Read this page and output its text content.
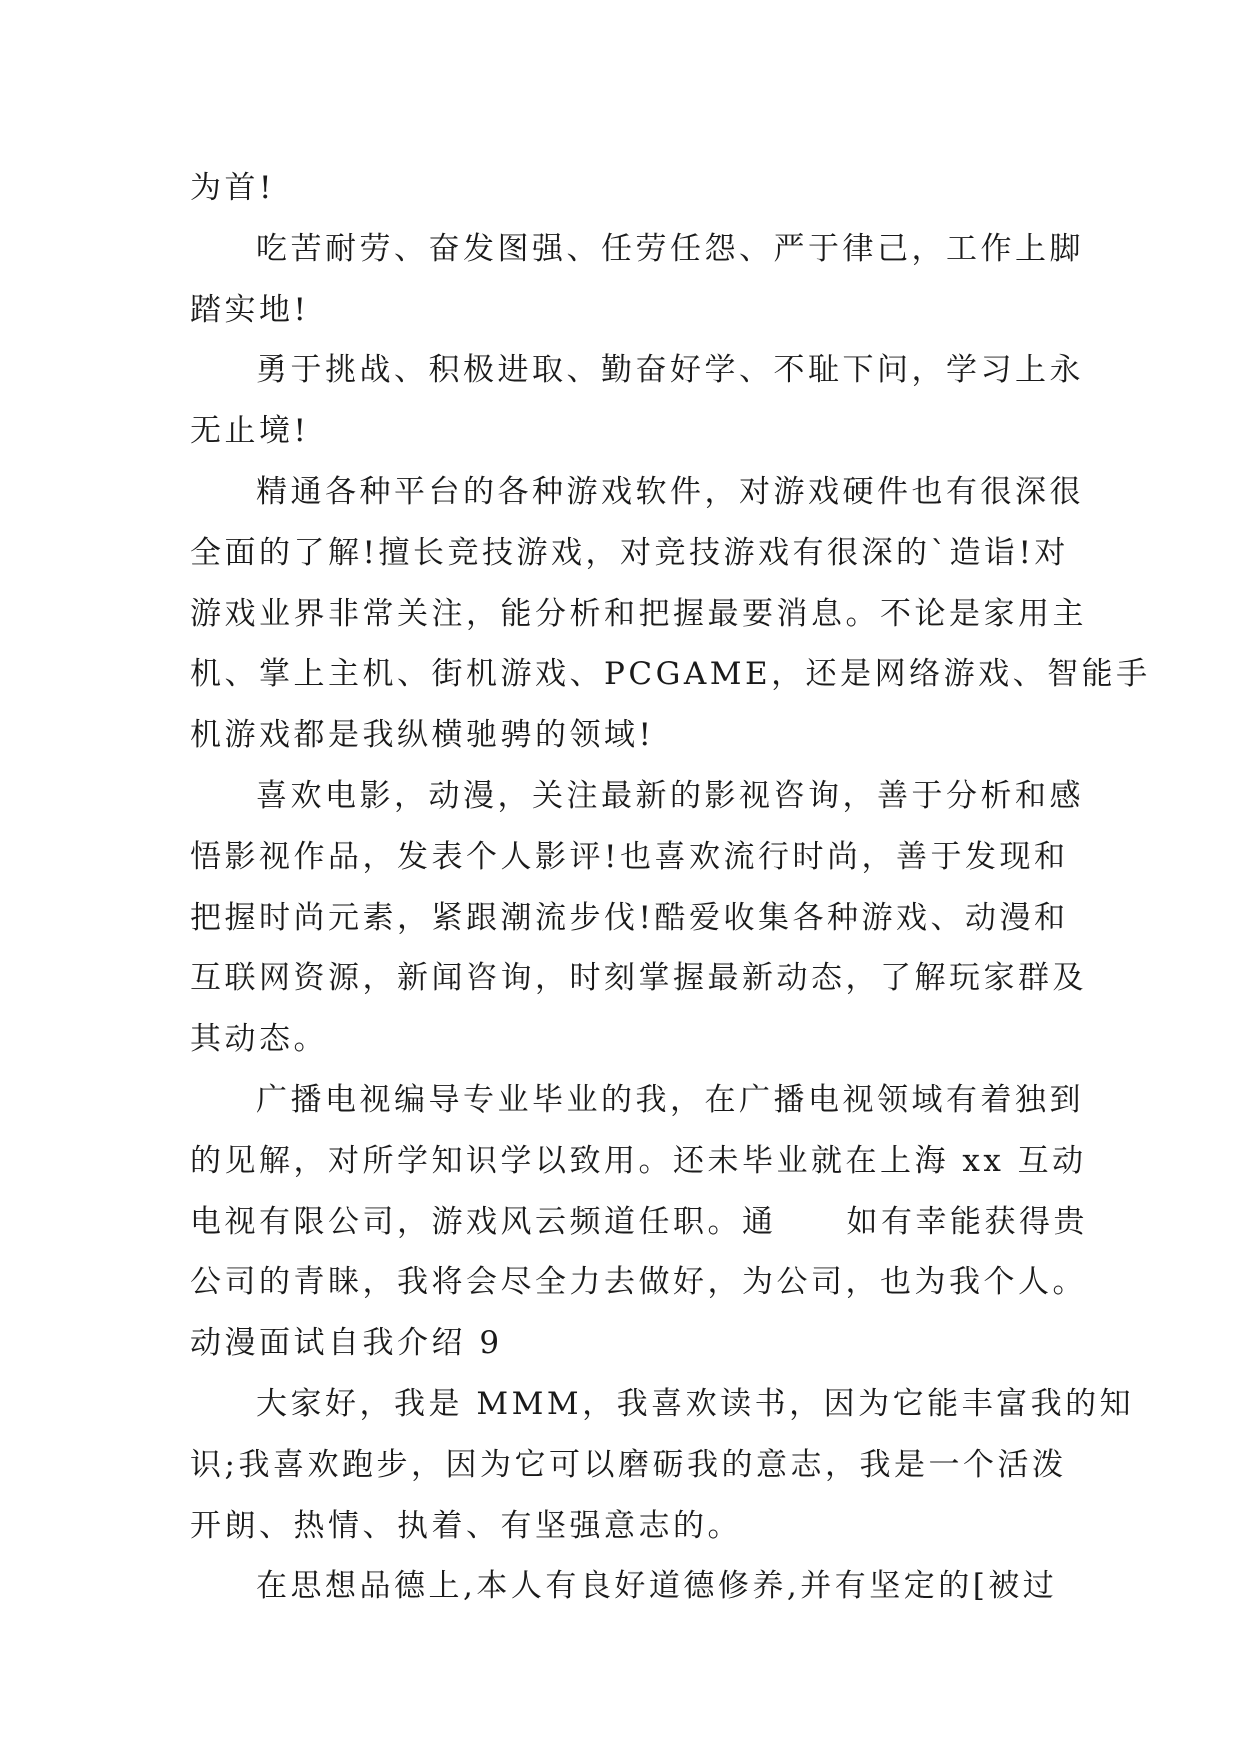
为首!
吃苦耐劳、奋发图强、任劳任怨、严于律己，工作上脚
踏实地!
勇于挑战、积极进取、勤奋好学、不耻下问，学习上永
无止境!
精通各种平台的各种游戏软件，对游戏硬件也有很深很
全面的了解!擅长竞技游戏，对竞技游戏有很深的`造诣!对
游戏业界非常关注，能分析和把握最要消息。不论是家用主
机、掌上主机、街机游戏、PCGAME，还是网络游戏、智能手
机游戏都是我纵横驰骋的领域!
喜欢电影，动漫，关注最新的影视咨询，善于分析和感
悟影视作品，发表个人影评!也喜欢流行时尚，善于发现和
把握时尚元素，紧跟潮流步伐!酷爱收集各种游戏、动漫和
互联网资源，新闻咨询，时刻掌握最新动态，了解玩家群及
其动态。
广播电视编导专业毕业的我，在广播电视领域有着独到
的见解，对所学知识学以致用。还未毕业就在上海 xx 互动
电视有限公司，游戏风云频道任职。通 如有幸能获得贵
公司的青睐，我将会尽全力去做好，为公司，也为我个人。
动漫面试自我介绍 9
大家好，我是 MMM，我喜欢读书，因为它能丰富我的知
识;我喜欢跑步，因为它可以磨砺我的意志，我是一个活泼
开朗、热情、执着、有坚强意志的。
在思想品德上,本人有良好道德修养,并有坚定的[被过
